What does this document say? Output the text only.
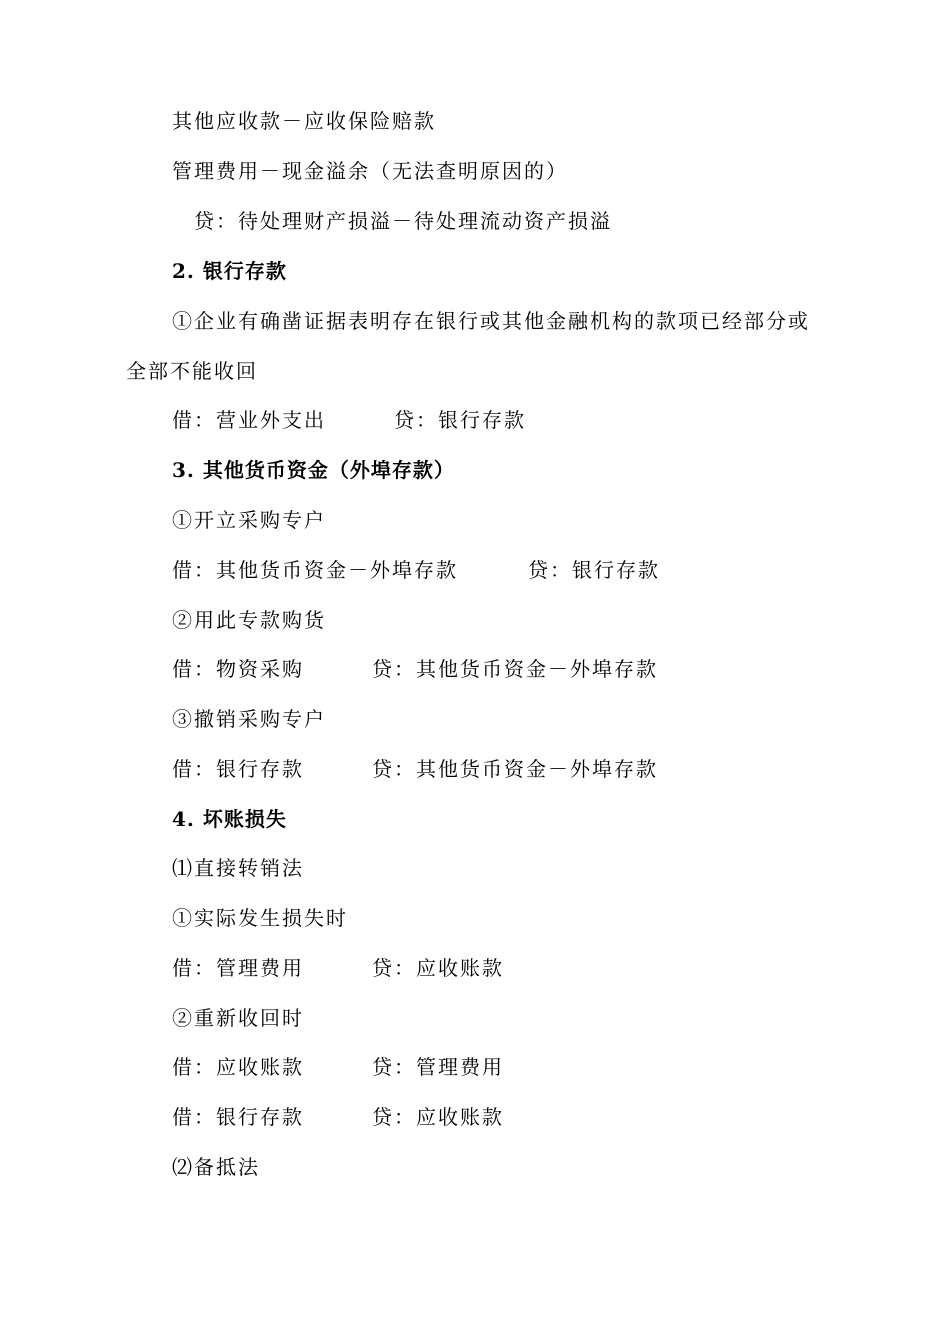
其他应收款－应收保险赔款
管理费用－现金溢余（无法查明原因的）
贷：待处理财产损溢－待处理流动资产损溢
2. 银行存款
①企业有确凿证据表明存在银行或其他金融机构的款项已经部分或
全部不能收回
借：营业外支出	贷：银行存款
3. 其他货币资金（外埠存款）
①开立采购专户
借：其他货币资金－外埠存款	贷：银行存款
②用此专款购货
借：物资采购	贷：其他货币资金－外埠存款
③撤销采购专户
借：银行存款	贷：其他货币资金－外埠存款
4. 坏账损失
⑴直接转销法
①实际发生损失时
借：管理费用	贷：应收账款
②重新收回时
借：应收账款	贷：管理费用
借：银行存款	贷：应收账款
⑵备抵法
